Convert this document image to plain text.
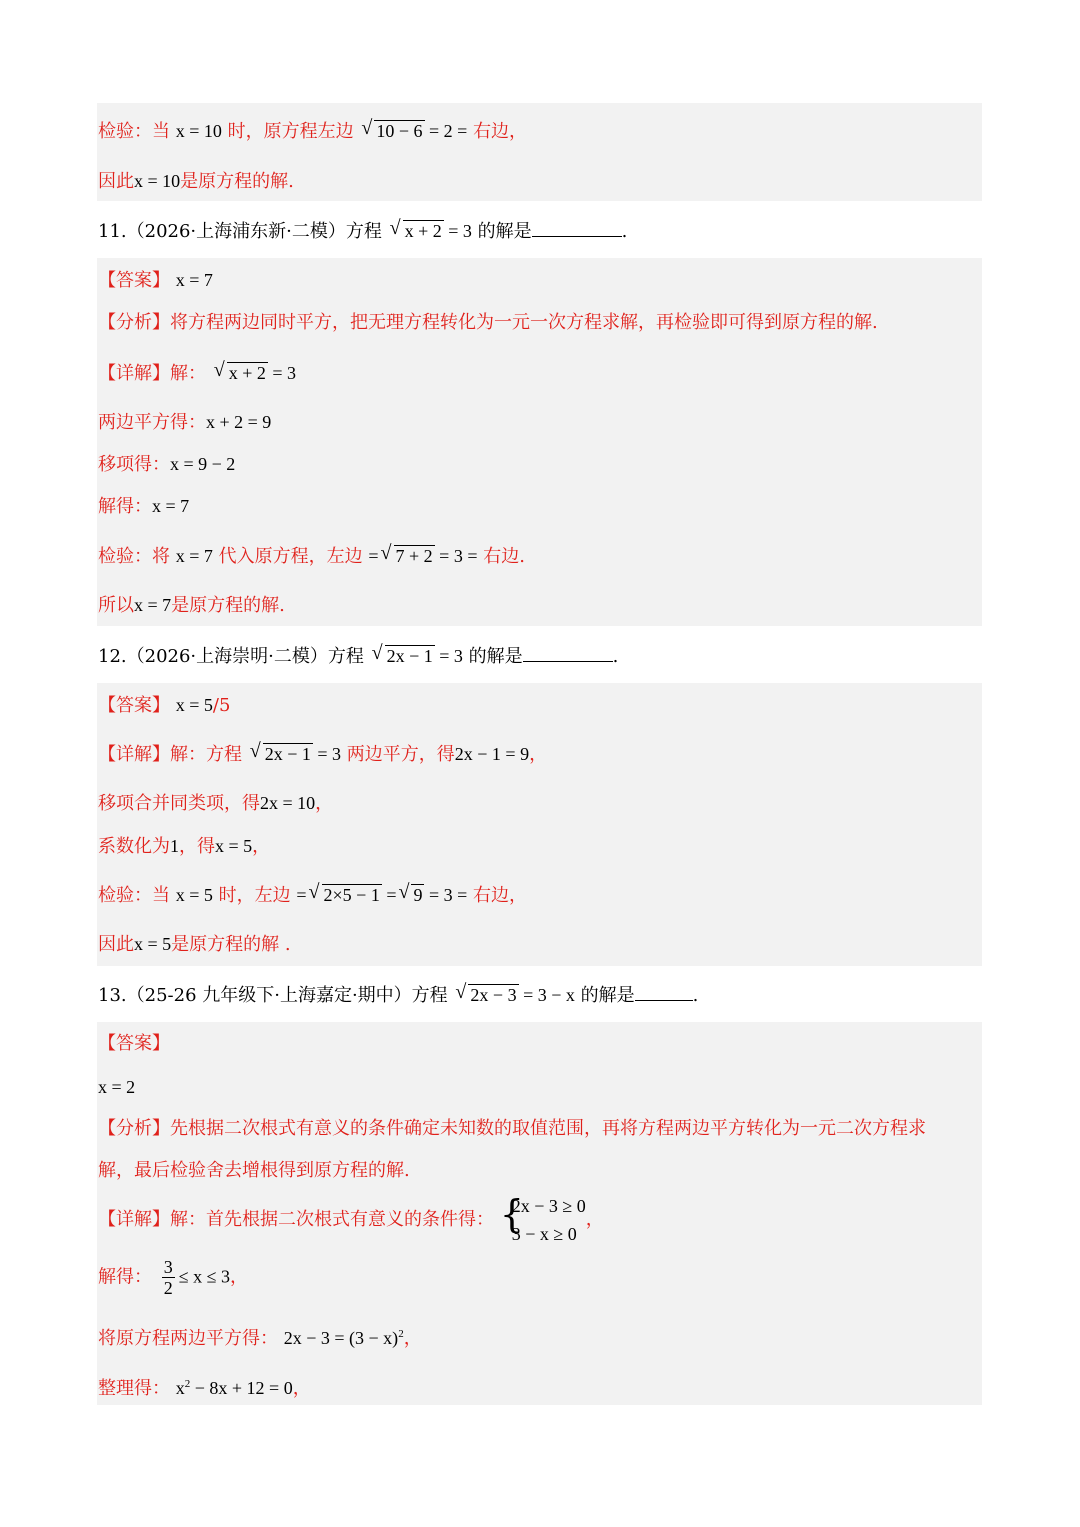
检验：当 x = 10 时，原方程左边 √ 10 − 6 = 2 = 右边，
因此x = 10是原方程的解.
11.（2026·上海浦东新·二模）方程 √ x + 2 = 3 的解是	.
【答案】 x = 7
【分析】将方程两边同时平方，把无理方程转化为一元一次方程求解，再检验即可得到原方程的解.
【详解】解： √ x + 2 = 3
两边平方得：x + 2 = 9
移项得：x = 9 − 2
解得：x = 7
检验：将 x = 7 代入原方程，左边 = √ 7 + 2 = 3 = 右边.
所以x = 7是原方程的解.
12.（2026·上海崇明·二模）方程 √ 2x − 1 = 3 的解是	.
【答案】 x = 5/5
【详解】解：方程 √ 2x − 1 = 3 两边平方，得2x − 1 = 9，
移项合并同类项，得2x = 10，
系数化为1，得x = 5，
检验：当 x = 5 时，左边 = √ 2×5 − 1 = √ 9 = 3 = 右边，
因此x = 5是原方程的解 .
13.（25-26 九年级下·上海嘉定·期中）方程 √ 2x − 3 = 3 − x 的解是	.
【答案】
x = 2
【分析】先根据二次根式有意义的条件确定未知数的取值范围，再将方程两边平方转化为一元二次方程求
解，最后检验舍去增根得到原方程的解.
【详解】解：首先根据二次根式有意义的条件得： {
2x − 3 ≥ 0
3 − x ≥ 0
，
解得： $\frac{3}{2} \le x \le 3$，
将原方程两边平方得： $2x - 3 = (3 - x)^2$，
整理得： $x^2 - 8x + 12 = 0$，
